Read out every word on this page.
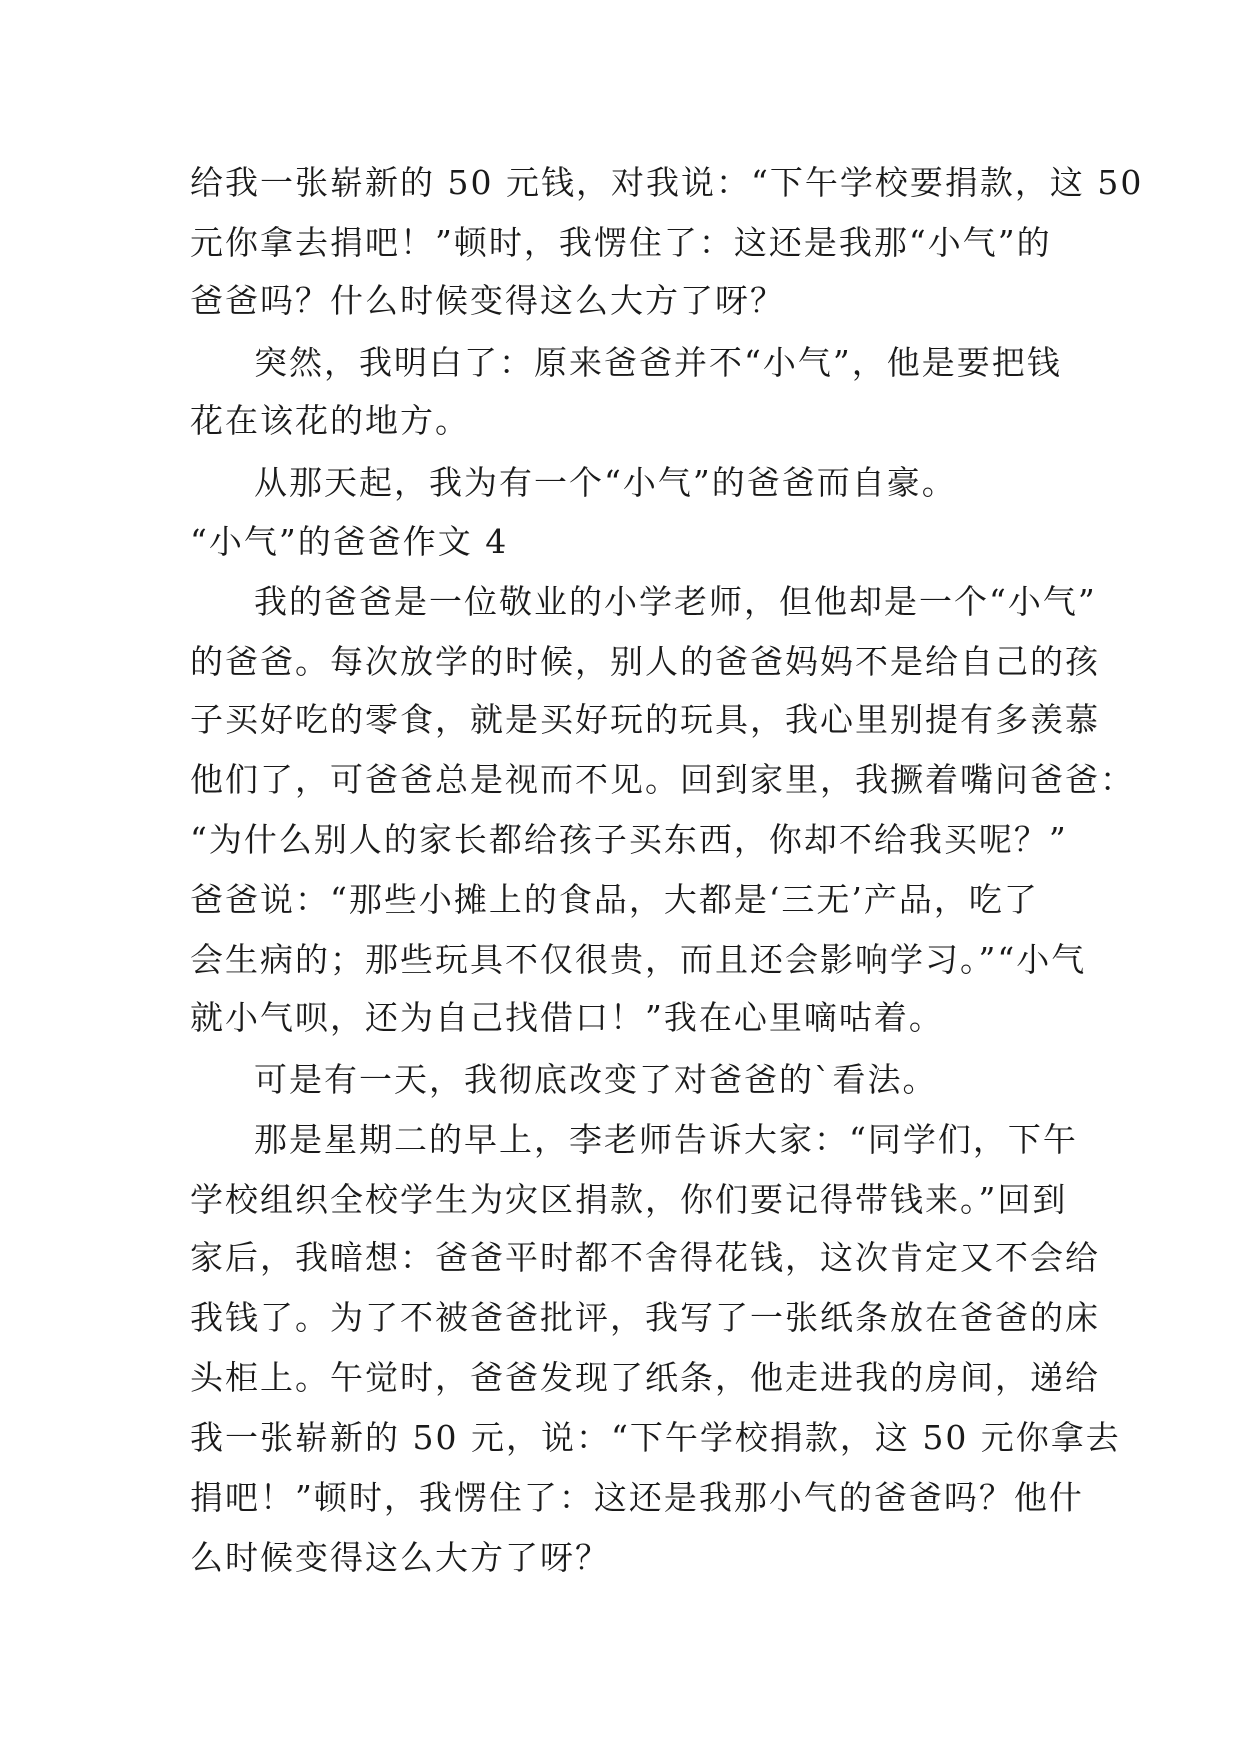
给我一张崭新的 50 元钱，对我说：“下午学校要捐款，这 50
元你拿去捐吧！”顿时，我愣住了：这还是我那“小气”的
爸爸吗？什么时候变得这么大方了呀？
突然，我明白了：原来爸爸并不“小气”，他是要把钱
花在该花的地方。
从那天起，我为有一个“小气”的爸爸而自豪。
“小气”的爸爸作文 4
我的爸爸是一位敬业的小学老师，但他却是一个“小气”
的爸爸。每次放学的时候，别人的爸爸妈妈不是给自己的孩
子买好吃的零食，就是买好玩的玩具，我心里别提有多羡慕
他们了，可爸爸总是视而不见。回到家里，我撅着嘴问爸爸：
“为什么别人的家长都给孩子买东西，你却不给我买呢？”
爸爸说：“那些小摊上的食品，大都是‘三无’产品，吃了
会生病的；那些玩具不仅很贵，而且还会影响学习。”“小气
就小气呗，还为自己找借口！”我在心里嘀咕着。
可是有一天，我彻底改变了对爸爸的`看法。
那是星期二的早上，李老师告诉大家：“同学们，下午
学校组织全校学生为灾区捐款，你们要记得带钱来。”回到
家后，我暗想：爸爸平时都不舍得花钱，这次肯定又不会给
我钱了。为了不被爸爸批评，我写了一张纸条放在爸爸的床
头柜上。午觉时，爸爸发现了纸条，他走进我的房间，递给
我一张崭新的 50 元，说：“下午学校捐款，这 50 元你拿去
捐吧！”顿时，我愣住了：这还是我那小气的爸爸吗？他什
么时候变得这么大方了呀？
